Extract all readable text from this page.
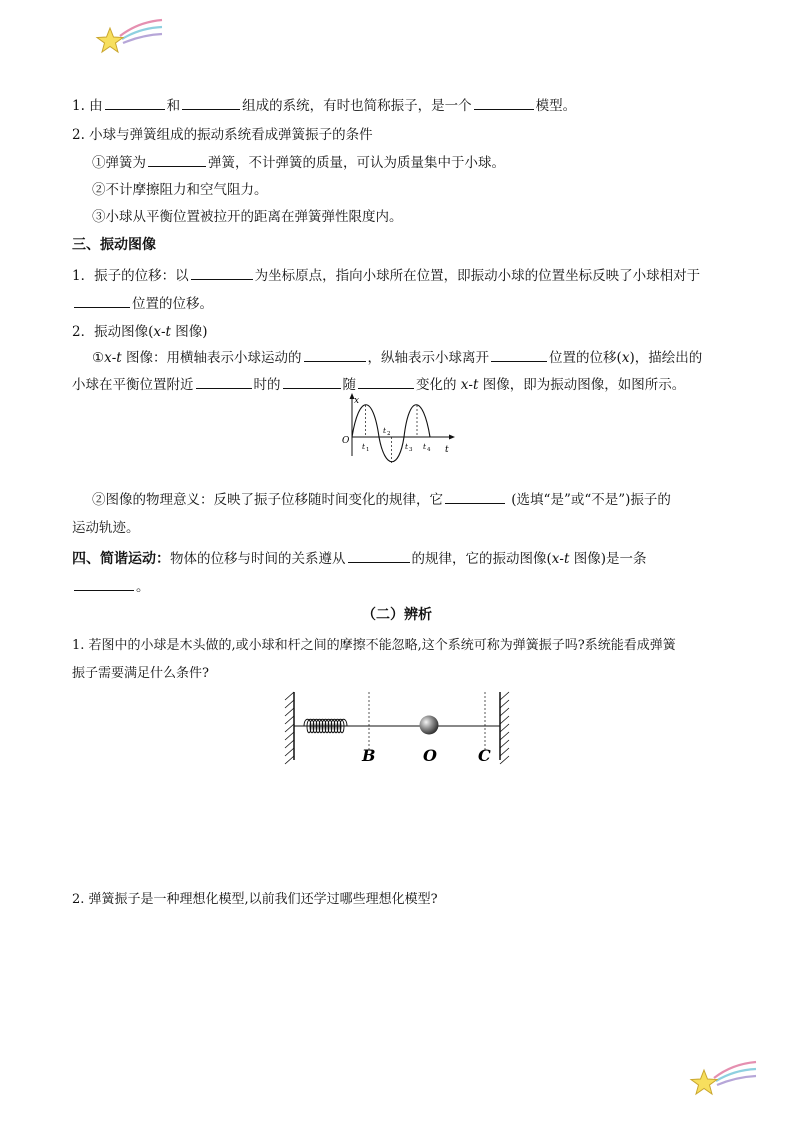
1. 由	和	组成的系统，有时也简称振子，是一个	模型。
2. 小球与弹簧组成的振动系统看成弹簧振子的条件
①弹簧为	弹簧，不计弹簧的质量，可认为质量集中于小球。
②不计摩擦阻力和空气阻力。
③小球从平衡位置被拉开的距离在弹簧弹性限度内。
三、振动图像
1．振子的位移：以	为坐标原点，指向小球所在位置，即振动小球的位置坐标反映了小球相对于
位置的位移。
2．振动图像(x-t 图像)
①x-t 图像：用横轴表示小球运动的	，纵轴表示小球离开	位置的位移(x)，描绘出的
小球在平衡位置附近	时的	随	变化的 x-t 图像，即为振动图像，如图所示。
x
O
t
t 1
t 2
t 3 t 4
②图像的物理意义：反映了振子位移随时间变化的规律，它	(选填“是”或“不是”)振子的
运动轨迹。
四、简谐运动：物体的位移与时间的关系遵从	的规律，它的振动图像(x-t 图像)是一条
。
（二）辨析
1. 若图中的小球是木头做的,或小球和杆之间的摩擦不能忽略,这个系统可称为弹簧振子吗?系统能看成弹簧
振子需要满足什么条件?
B	O	C
2. 弹簧振子是一种理想化模型,以前我们还学过哪些理想化模型?
